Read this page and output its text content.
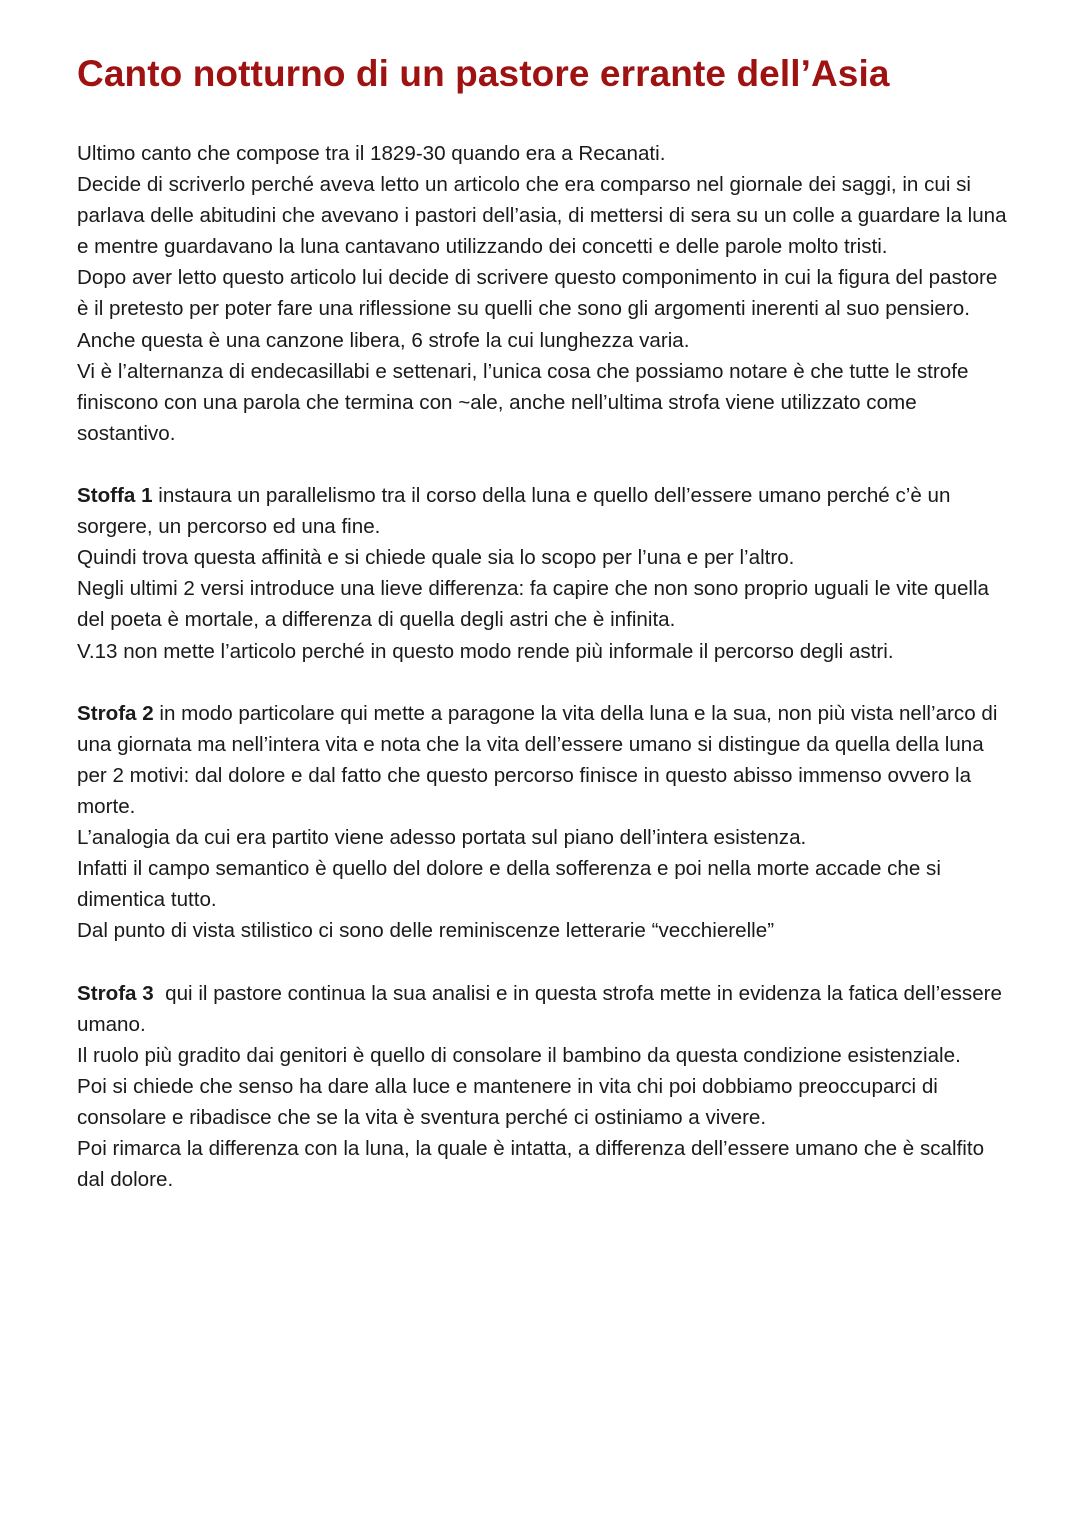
Canto notturno di un pastore errante dell’Asia

Ultimo canto che compose tra il 1829-30 quando era a Recanati.

Decide di scriverlo perché aveva letto un articolo che era comparso nel giornale dei saggi, in cui si parlava delle abitudini che avevano i pastori dell’asia, di mettersi di sera su un colle a guardare la luna e mentre guardavano la luna cantavano utilizzando dei concetti e delle parole molto tristi.

Dopo aver letto questo articolo lui decide di scrivere questo componimento in cui la figura del pastore è il pretesto per poter fare una riflessione su quelli che sono gli argomenti inerenti al suo pensiero.

Anche questa è una canzone libera, 6 strofe la cui lunghezza varia.

Vi è l’alternanza di endecasillabi e settenari, l’unica cosa che possiamo notare è che tutte le strofe finiscono con una parola che termina con ~ale, anche nell’ultima strofa viene utilizzato come sostantivo.

Stoffa 1 instaura un parallelismo tra il corso della luna e quello dell’essere umano perché c’è un sorgere, un percorso ed una fine.

Quindi trova questa affinità e si chiede quale sia lo scopo per l’una e per l’altro.

Negli ultimi 2 versi introduce una lieve differenza: fa capire che non sono proprio uguali le vite quella del poeta è mortale, a differenza di quella degli astri che è infinita.

V.13 non mette l’articolo perché in questo modo rende più informale il percorso degli astri.

Strofa 2 in modo particolare qui mette a paragone la vita della luna e la sua, non più vista nell’arco di una giornata ma nell’intera vita e nota che la vita dell’essere umano si distingue da quella della luna per 2 motivi: dal dolore e dal fatto che questo percorso finisce in questo abisso immenso ovvero la morte.

L’analogia da cui era partito viene adesso portata sul piano dell’intera esistenza.

Infatti il campo semantico è quello del dolore e della sofferenza e poi nella morte accade che si dimentica tutto.

Dal punto di vista stilistico ci sono delle reminiscenze letterarie “vecchierelle”

Strofa 3  qui il pastore continua la sua analisi e in questa strofa mette in evidenza la fatica dell’essere umano.

Il ruolo più gradito dai genitori è quello di consolare il bambino da questa condizione esistenziale.

Poi si chiede che senso ha dare alla luce e mantenere in vita chi poi dobbiamo preoccuparci di consolare e ribadisce che se la vita è sventura perché ci ostiniamo a vivere.

Poi rimarca la differenza con la luna, la quale è intatta, a differenza dell’essere umano che è scalfito dal dolore.
